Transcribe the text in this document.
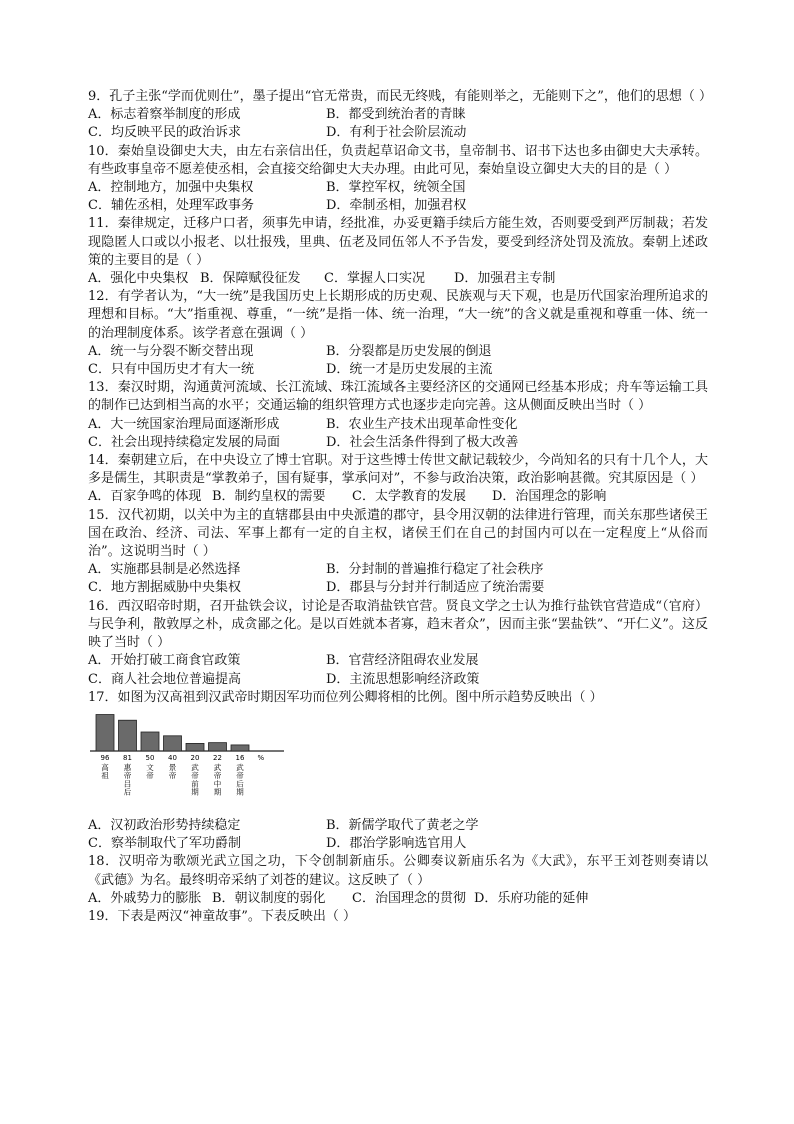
9．孔子主张“学而优则仕”，墨子提出“官无常贵，而民无终贱，有能则举之，无能则下之”，他们的思想（ ）
A．标志着察举制度的形成	B．都受到统治者的青睐
C．均反映平民的政治诉求	D．有利于社会阶层流动
10．秦始皇设御史大夫，由左右亲信出任，负责起草诏命文书，皇帝制书、诏书下达也多由御史大夫承转。有些政事皇帝不愿差使丞相，会直接交给御史大夫办理。由此可见，秦始皇设立御史大夫的目的是（ ）
A．控制地方，加强中央集权	B．掌控军权，统领全国
C．辅佐丞相，处理军政事务	D．牵制丞相，加强君权
11．秦律规定，迁移户口者，须事先申请，经批准，办妥更籍手续后方能生效，否则要受到严厉制裁；若发现隐匿人口或以小报老、以壮报残，里典、伍老及同伍邻人不予告发，要受到经济处罚及流放。秦朝上述政策的主要目的是（ ）
A．强化中央集权 B．保障赋役征发	C．掌握人口实况	D．加强君主专制
12．有学者认为，“大一统”是我国历史上长期形成的历史观、民族观与天下观，也是历代国家治理所追求的理想和目标。“大”指重视、尊重，“一统”是指一体、统一治理，“大一统”的含义就是重视和尊重一体、统一的治理制度体系。该学者意在强调（ ）
A．统一与分裂不断交替出现	B．分裂都是历史发展的倒退
C．只有中国历史才有大一统	D．统一才是历史发展的主流
13．秦汉时期，沟通黄河流域、长江流域、珠江流域各主要经济区的交通网已经基本形成；舟车等运输工具的制作已达到相当高的水平；交通运输的组织管理方式也逐步走向完善。这从侧面反映出当时（ ）
A．大一统国家治理局面逐渐形成	B．农业生产技术出现革命性变化
C．社会出现持续稳定发展的局面	D．社会生活条件得到了极大改善
14．秦朝建立后，在中央设立了博士官职。对于这些博士传世文献记载较少，今尚知名的只有十几个人，大多是儒生，其职责是“掌教弟子，国有疑事，掌承问对”，不参与政治决策，政治影响甚微。究其原因是（ ）
A．百家争鸣的体现 B．制约皇权的需要	C．太学教育的发展	D．治国理念的影响
15．汉代初期，以关中为主的直辖郡县由中央派遣的郡守，县令用汉朝的法律进行管理，而关东那些诸侯王国在政治、经济、司法、军事上都有一定的自主权，诸侯王们在自己的封国内可以在一定程度上“从俗而治”。这说明当时（ ）
A．实施郡县制是必然选择	B．分封制的普遍推行稳定了社会秩序
C．地方割据威胁中央集权	D．郡县与分封并行制适应了统治需要
16．西汉昭帝时期，召开盐铁会议，讨论是否取消盐铁官营。贤良文学之士认为推行盐铁官营造成“（官府）与民争利，散敦厚之朴，成贪鄙之化。是以百姓就本者寡，趋末者众”，因而主张“罢盐铁”、“开仁义”。这反映了当时（ ）
A．开始打破工商食官政策	B．官营经济阻碍农业发展
C．商人社会地位普遍提高	D．主流思想影响经济政策
17．如图为汉高祖到汉武帝时期因军功而位列公卿将相的比例。图中所示趋势反映出（ ）
96
高祖
81
惠帝吕后
50
文帝
40
景帝
20
武帝前期
22
武帝中期
16
武帝后期
%
A．汉初政治形势持续稳定	B．新儒学取代了黄老之学
C．察举制取代了军功爵制	D．郡治学影响选官用人
18．汉明帝为歌颂光武立国之功，下令创制新庙乐。公卿奏议新庙乐名为《大武》，东平王刘苍则奏请以《武德》为名。最终明帝采纳了刘苍的建议。这反映了（ ）
A．外戚势力的膨胀 B．朝议制度的弱化	C．治国理念的贯彻 D．乐府功能的延伸
19．下表是两汉“神童故事”。下表反映出（ ）
